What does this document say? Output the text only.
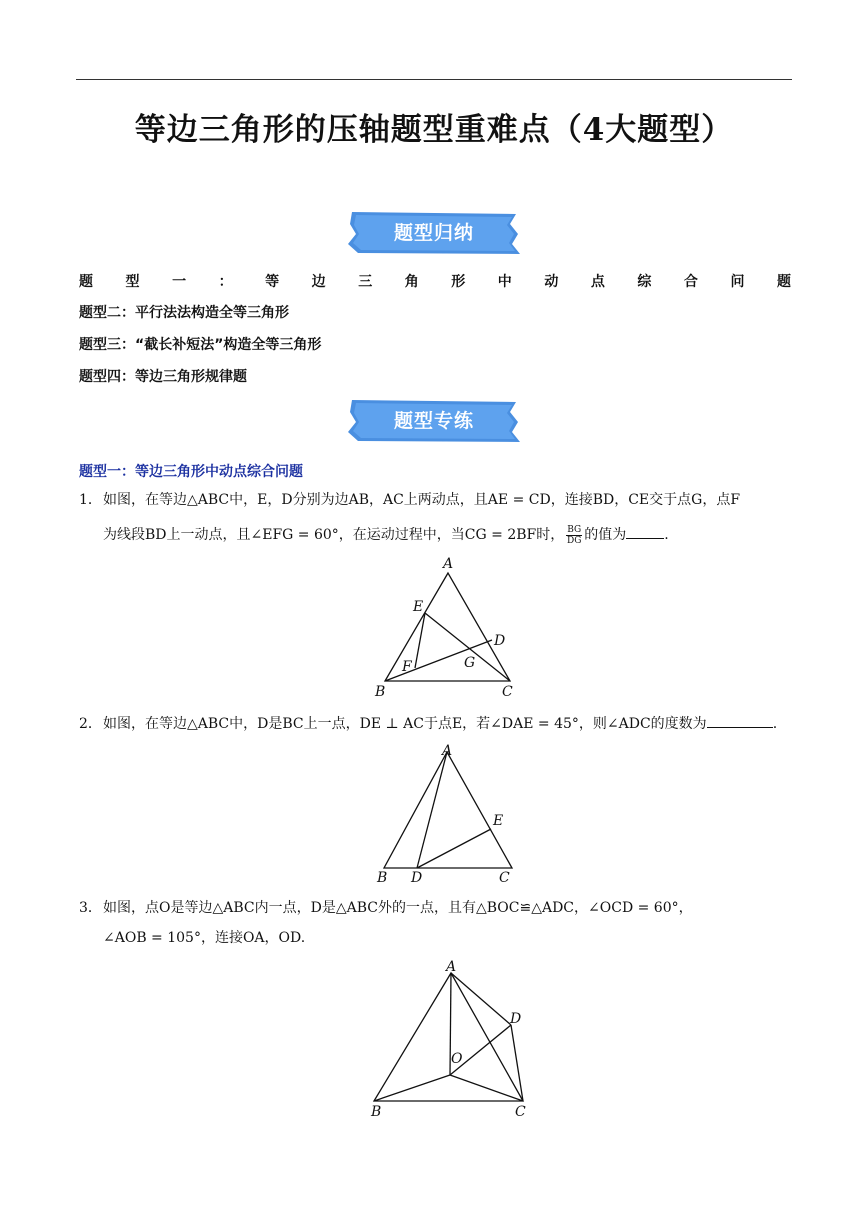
等边三角形的压轴题型重难点（4大题型）
题型归纳
题 型 一 ： 等 边 三 角 形 中 动 点 综 合 问 题
题型二：平行法法构造全等三角形
题型三：“截长补短法”构造全等三角形
题型四：等边三角形规律题
题型专练
题型一：等边三角形中动点综合问题
1．如图，在等边△ABC中，E，D分别为边AB，AC上两动点，且AE = CD，连接BD，CE交于点G，点F
为线段BD上一动点，且∠EFG = 60°，在运动过程中，当CG = 2BF时， $\frac{BG}{DG}$ 的值为	.
A
E
D
F	G
B	C
2．如图，在等边△ABC中，D是BC上一点，DE ⊥ AC于点E，若∠DAE = 45°，则∠ADC的度数为	.
A
E
B D	C
3．如图，点O是等边△ABC内一点，D是△ABC外的一点，且有△BOC≌△ADC，∠OCD = 60°，
∠AOB = 105°，连接OA，OD.
A
D
O
B	C
